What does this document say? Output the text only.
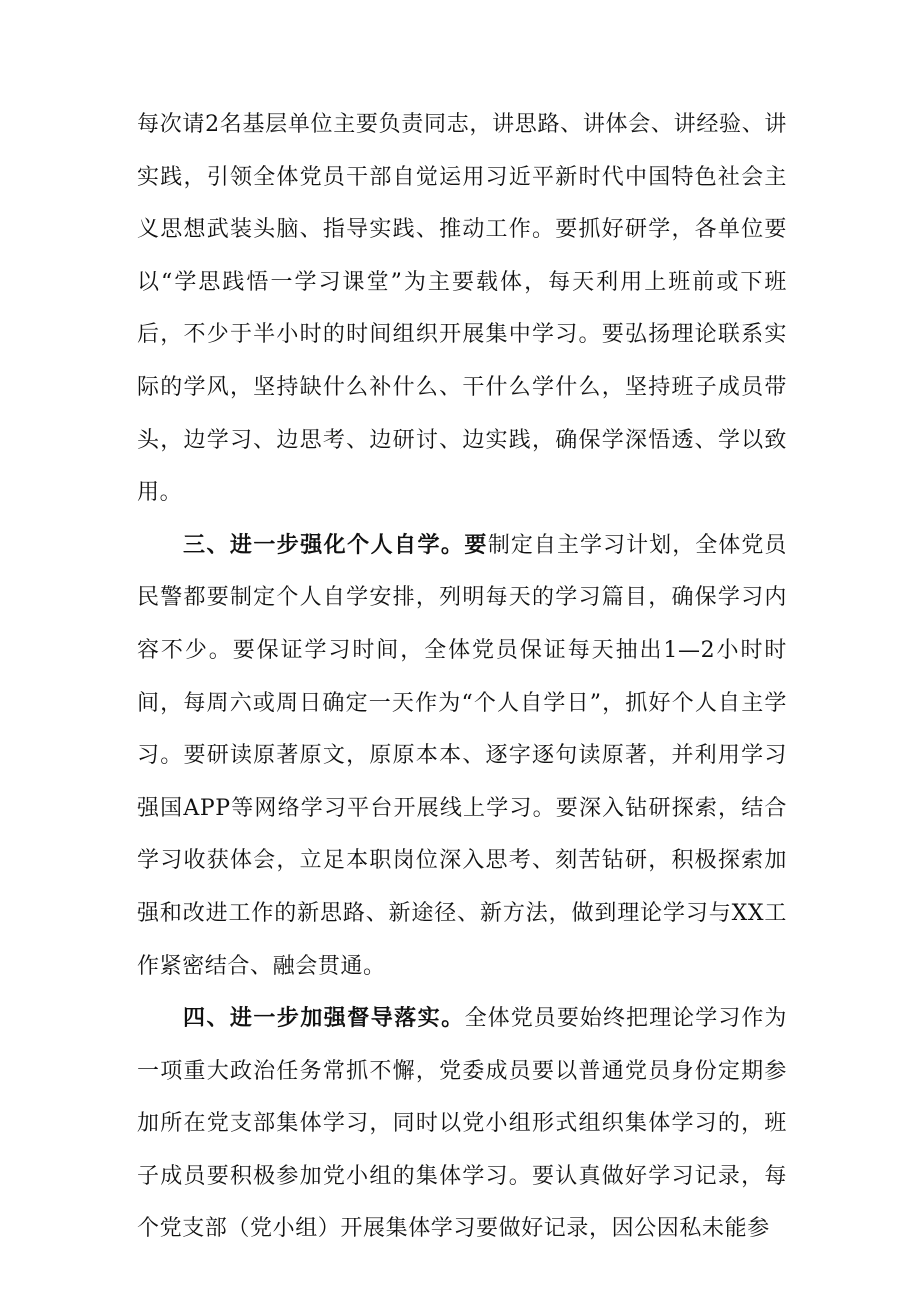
每次请2名基层单位主要负责同志，讲思路、讲体会、讲经验、讲实践，引领全体党员干部自觉运用习近平新时代中国特色社会主义思想武装头脑、指导实践、推动工作。要抓好研学，各单位要以“学思践悟一学习课堂”为主要载体，每天利用上班前或下班后，不少于半小时的时间组织开展集中学习。要弘扬理论联系实际的学风，坚持缺什么补什么、干什么学什么，坚持班子成员带头，边学习、边思考、边研讨、边实践，确保学深悟透、学以致用。

三、进一步强化个人自学。要制定自主学习计划，全体党员民警都要制定个人自学安排，列明每天的学习篇目，确保学习内容不少。要保证学习时间，全体党员保证每天抽出1—2小时时间，每周六或周日确定一天作为“个人自学日”，抓好个人自主学习。要研读原著原文，原原本本、逐字逐句读原著，并利用学习强国APP等网络学习平台开展线上学习。要深入钻研探索，结合学习收获体会，立足本职岗位深入思考、刻苦钻研，积极探索加强和改进工作的新思路、新途径、新方法，做到理论学习与XX工作紧密结合、融会贯通。

四、进一步加强督导落实。全体党员要始终把理论学习作为一项重大政治任务常抓不懈，党委成员要以普通党员身份定期参加所在党支部集体学习，同时以党小组形式组织集体学习的，班子成员要积极参加党小组的集体学习。要认真做好学习记录，每个党支部（党小组）开展集体学习要做好记录，因公因私未能参
